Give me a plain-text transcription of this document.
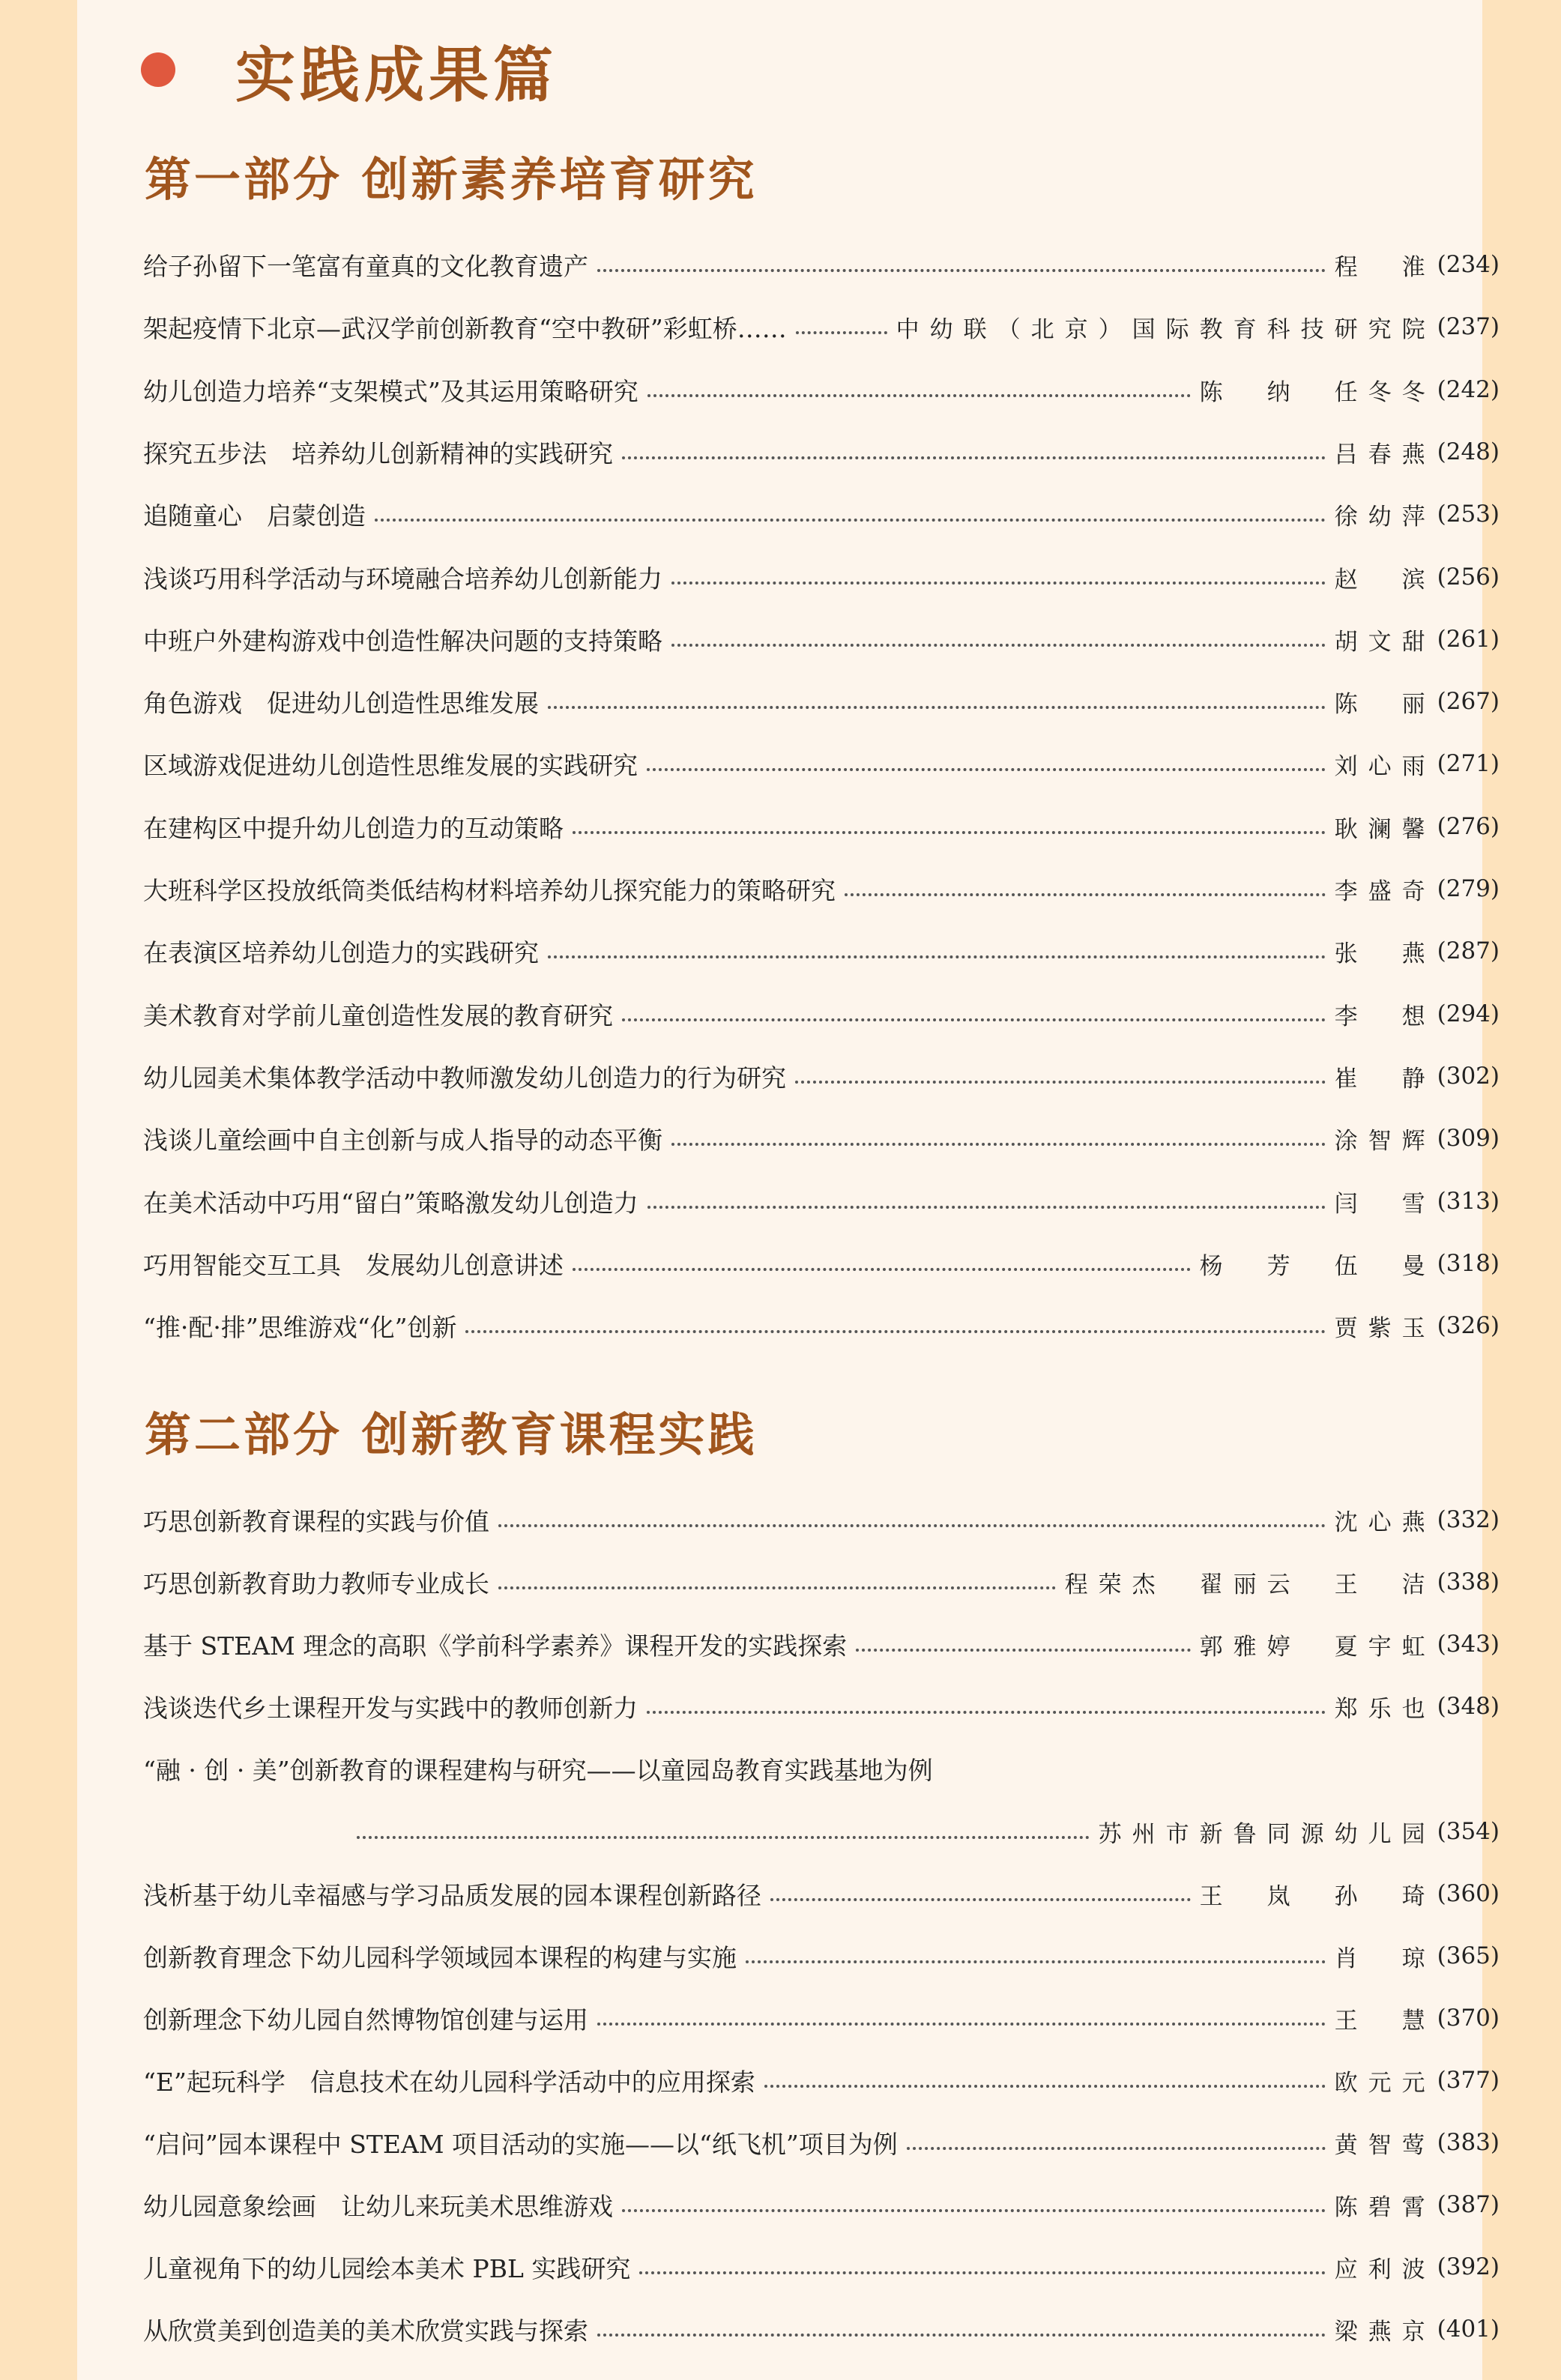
实践成果篇
第一部分 创新素养培育研究
给子孙留下一笔富有童真的文化教育遗产	程　淮 (234)
架起疫情下北京—武汉学前创新教育“空中教研”彩虹桥……	中幼联（北京）国际教育科技研究院 (237)
幼儿创造力培养“支架模式”及其运用策略研究	陈　纳　任冬冬 (242)
探究五步法　培养幼儿创新精神的实践研究	吕春燕 (248)
追随童心　启蒙创造	徐幼萍 (253)
浅谈巧用科学活动与环境融合培养幼儿创新能力	赵　滨 (256)
中班户外建构游戏中创造性解决问题的支持策略	胡文甜 (261)
角色游戏　促进幼儿创造性思维发展	陈　丽 (267)
区域游戏促进幼儿创造性思维发展的实践研究	刘心雨 (271)
在建构区中提升幼儿创造力的互动策略	耿澜馨 (276)
大班科学区投放纸筒类低结构材料培养幼儿探究能力的策略研究	李盛奇 (279)
在表演区培养幼儿创造力的实践研究	张　燕 (287)
美术教育对学前儿童创造性发展的教育研究	李　想 (294)
幼儿园美术集体教学活动中教师激发幼儿创造力的行为研究	崔　静 (302)
浅谈儿童绘画中自主创新与成人指导的动态平衡	涂智辉 (309)
在美术活动中巧用“留白”策略激发幼儿创造力	闫　雪 (313)
巧用智能交互工具　发展幼儿创意讲述	杨　芳　伍　曼 (318)
“推·配·排”思维游戏“化”创新	贾紫玉 (326)
第二部分 创新教育课程实践
巧思创新教育课程的实践与价值	沈心燕 (332)
巧思创新教育助力教师专业成长	程荣杰　翟丽云　王　洁 (338)
基于 STEAM 理念的高职《学前科学素养》课程开发的实践探索	郭雅婷　夏宇虹 (343)
浅谈迭代乡土课程开发与实践中的教师创新力	郑乐也 (348)
“融 · 创 · 美”创新教育的课程建构与研究——以童园岛教育实践基地为例
苏州市新鲁同源幼儿园 (354)
浅析基于幼儿幸福感与学习品质发展的园本课程创新路径	王　岚　孙　琦 (360)
创新教育理念下幼儿园科学领域园本课程的构建与实施	肖　琼 (365)
创新理念下幼儿园自然博物馆创建与运用	王　慧 (370)
“E”起玩科学　信息技术在幼儿园科学活动中的应用探索	欧元元 (377)
“启问”园本课程中 STEAM 项目活动的实施——以“纸飞机”项目为例	黄智莺 (383)
幼儿园意象绘画　让幼儿来玩美术思维游戏	陈碧霄 (387)
儿童视角下的幼儿园绘本美术 PBL 实践研究	应利波 (392)
从欣赏美到创造美的美术欣赏实践与探索	梁燕京 (401)
